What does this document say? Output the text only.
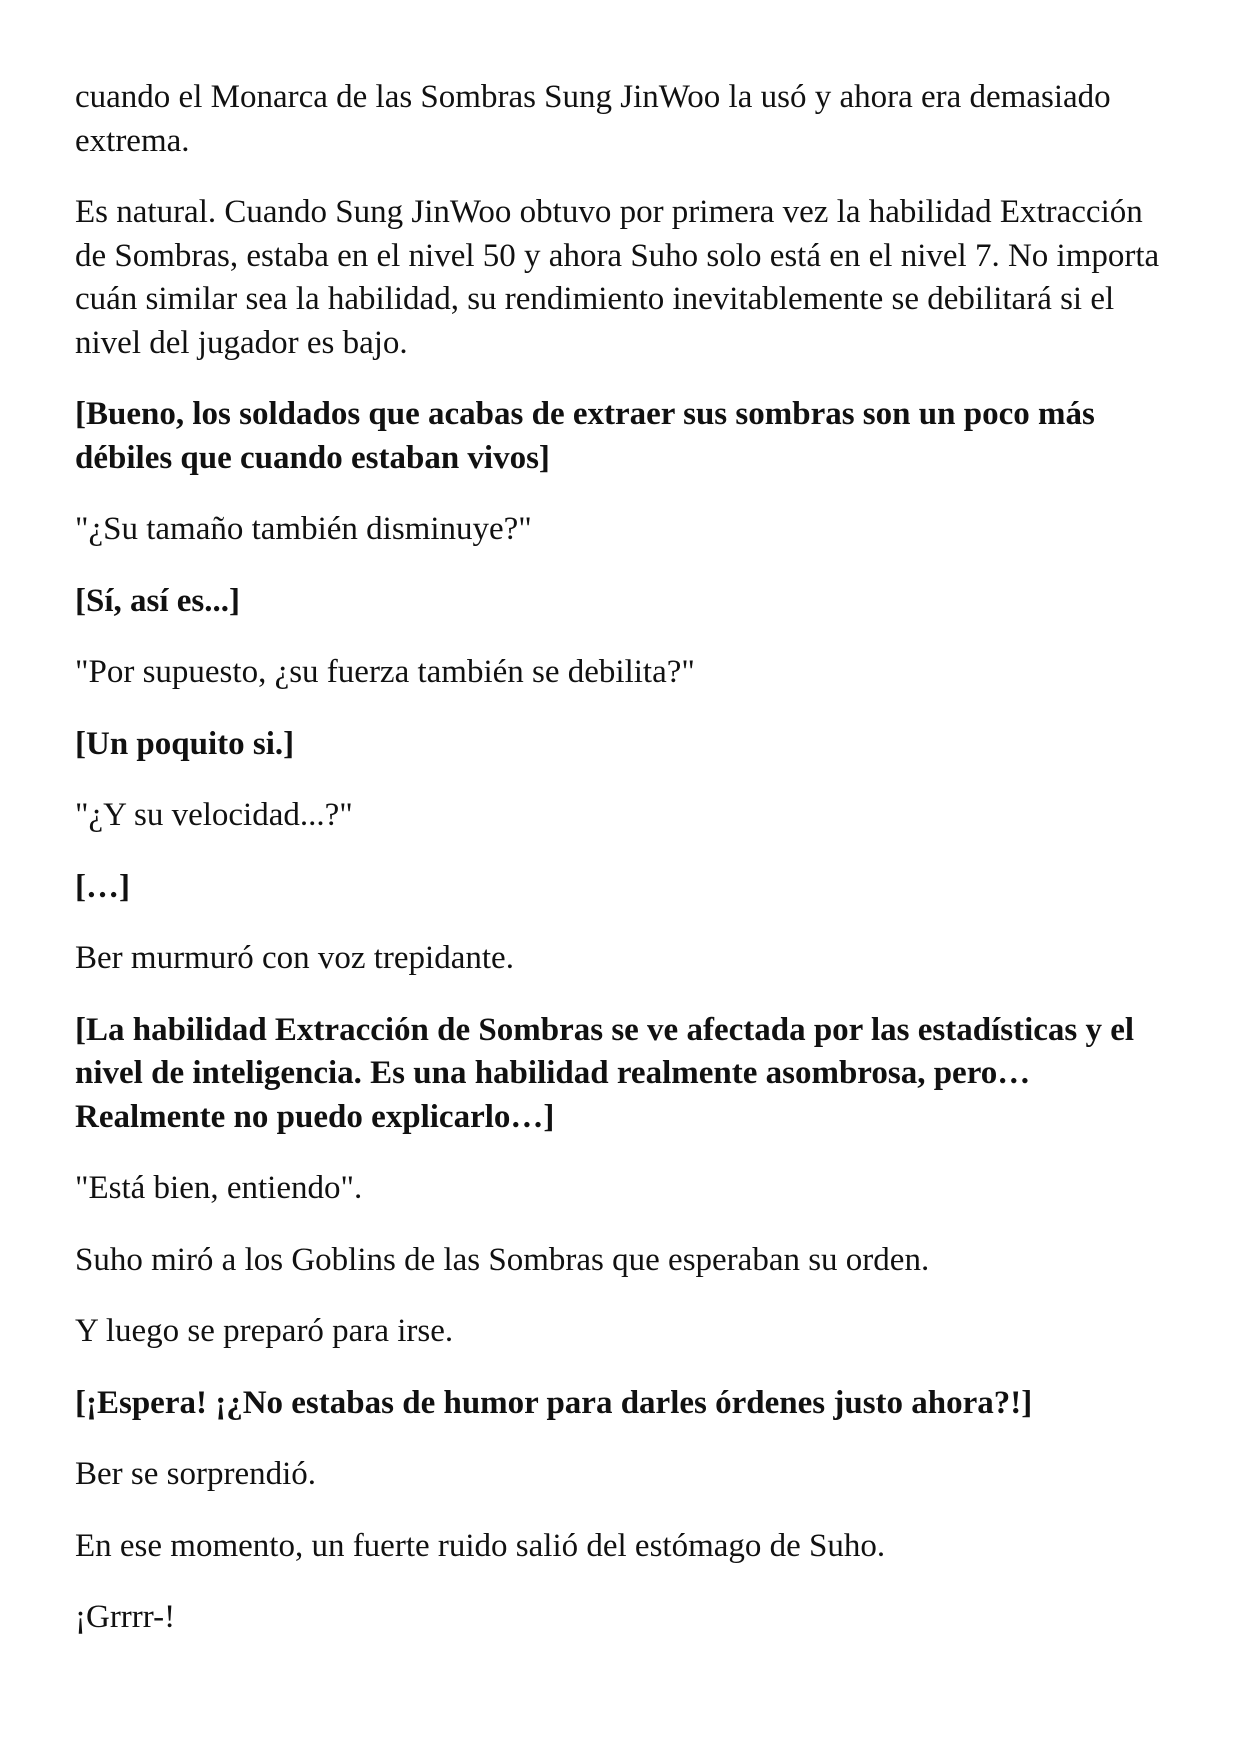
cuando el Monarca de las Sombras Sung JinWoo la usó y ahora era demasiado extrema.

Es natural. Cuando Sung JinWoo obtuvo por primera vez la habilidad Extracción de Sombras, estaba en el nivel 50 y ahora Suho solo está en el nivel 7. No importa cuán similar sea la habilidad, su rendimiento inevitablemente se debilitará si el nivel del jugador es bajo.

[Bueno, los soldados que acabas de extraer sus sombras son un poco más débiles que cuando estaban vivos]

"¿Su tamaño también disminuye?"

[Sí, así es...]

"Por supuesto, ¿su fuerza también se debilita?"

[Un poquito si.]

"¿Y su velocidad...?"

[…]

Ber murmuró con voz trepidante.

[La habilidad Extracción de Sombras se ve afectada por las estadísticas y el nivel de inteligencia. Es una habilidad realmente asombrosa, pero… Realmente no puedo explicarlo…]

"Está bien, entiendo".

Suho miró a los Goblins de las Sombras que esperaban su orden.

Y luego se preparó para irse.

[¡Espera! ¡¿No estabas de humor para darles órdenes justo ahora?!]

Ber se sorprendió.

En ese momento, un fuerte ruido salió del estómago de Suho.

¡Grrrr-!
